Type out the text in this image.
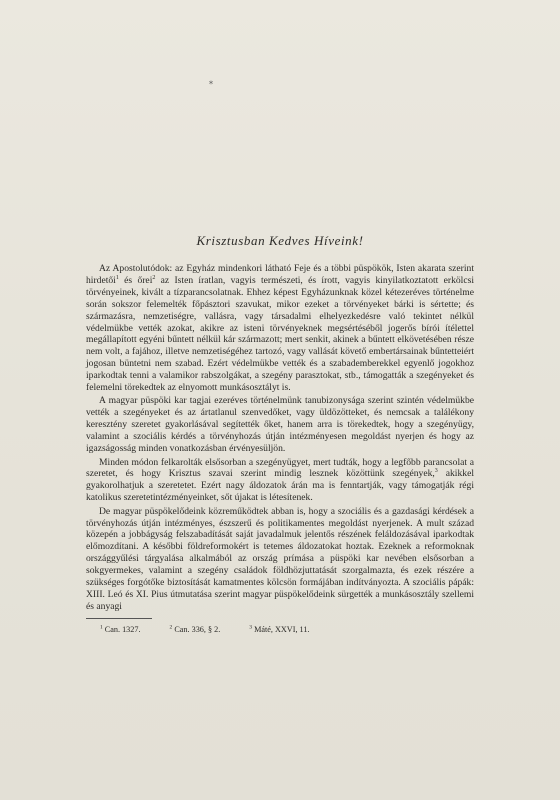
*
Krisztusban Kedves Híveink!

Az Apostolutódok: az Egyház mindenkori látható Feje és a többi püspökök, Isten akarata szerint hirdetői$^1$ és őrei$^2$ az Isten íratlan, vagyis természeti, és írott, vagyis kinyilatkoztatott erkölcsi törvényeinek, kivált a tízparancsolatnak. Ehhez képest Egyházunknak közel kétezeréves történelme során sokszor felemelték főpásztori szavukat, mikor ezeket a törvényeket bárki is sértette; és származásra, nemzetiségre, vallásra, vagy társadalmi elhelyezkedésre való tekintet nélkül védelmükbe vették azokat, akikre az isteni törvényeknek megsértéséből jogerős bírói ítélettel megállapított egyéni bűntett nélkül kár származott; mert senkit, akinek a bűntett elkövetésében része nem volt, a fajához, illetve nemzetiségéhez tartozó, vagy vallását követő embertársainak bűntetteiért jogosan büntetni nem szabad. Ezért védelmükbe vették és a szabademberekkel egyenlő jogokhoz iparkodtak tenni a valamikor rabszolgákat, a szegény parasztokat, stb., támogatták a szegényeket és felemelni törekedtek az elnyomott munkásosztályt is.

A magyar püspöki kar tagjai ezeréves történelmünk tanubizonysága szerint szintén védelmükbe vették a szegényeket és az ártatlanul szenvedőket, vagy üldözötteket, és nemcsak a találékony keresztény szeretet gyakorlásával segítették őket, hanem arra is törekedtek, hogy a szegényügy, valamint a szociális kérdés a törvényhozás útján intézményesen megoldást nyerjen és hogy az igazságosság minden vonatkozásban érvényesüljön.

Minden módon felkarolták elsősorban a szegényügyet, mert tudták, hogy a legfőbb parancsolat a szeretet, és hogy Krisztus szavai szerint mindig lesznek közöttünk szegények,$^3$ akikkel gyakorolhatjuk a szeretetet. Ezért nagy áldozatok árán ma is fenntartják, vagy támogatják régi katolikus szeretetintézményeinket, sőt újakat is létesítenek.

De magyar püspökelődeink közreműködtek abban is, hogy a szociális és a gazdasági kérdések a törvényhozás útján intézményes, észszerű és politikamentes megoldást nyerjenek. A mult század közepén a jobbágyság felszabadítását saját javadalmuk jelentős részének feláldozásával iparkodtak előmozdítani. A későbbi földreformokért is tetemes áldozatokat hoztak. Ezeknek a reformoknak országgyűlési tárgyalása alkalmából az ország prímása a püspöki kar nevében elsősorban a sokgyermekes, valamint a szegény családok földhözjuttatását szorgalmazta, és ezek részére a szükséges forgótőke biztosítását kamatmentes kölcsön formájában indítványozta. A szociális pápák: XIII. Leó és XI. Pius útmutatása szerint magyar püspökelődeink sürgették a munkásosztály szellemi és anyagi

$^1$ Can. 1327.	$^2$ Can. 336, § 2.	$^3$ Máté, XXVI, 11.
